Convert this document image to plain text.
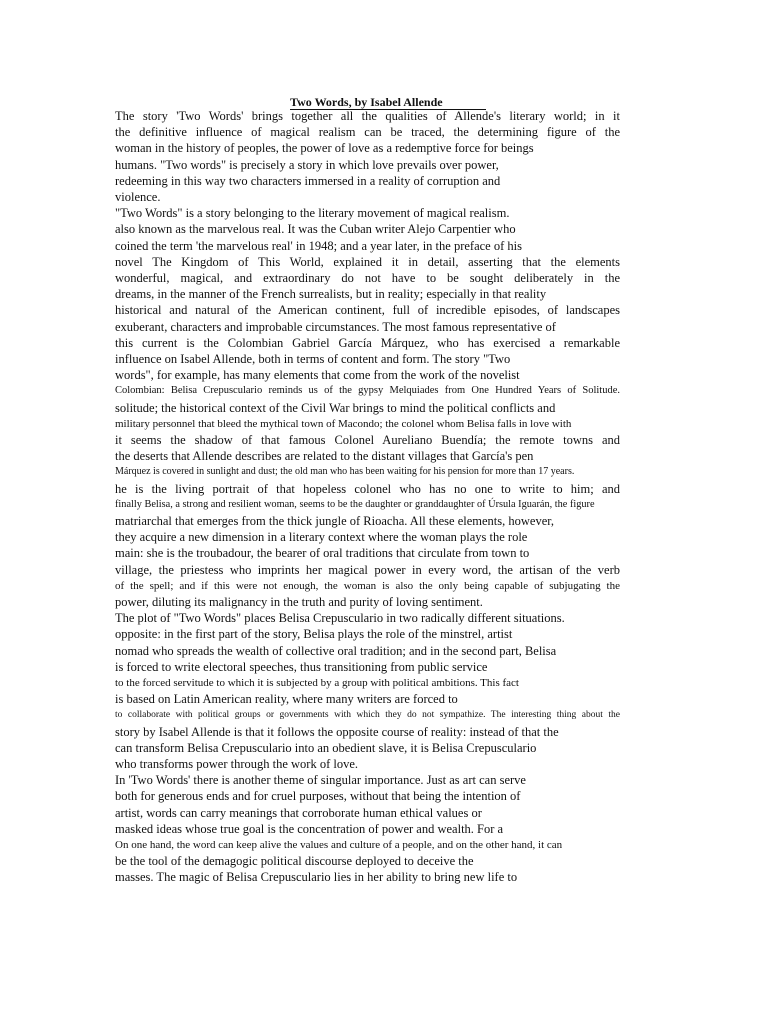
Two Words, by Isabel Allende
The story 'Two Words' brings together all the qualities of Allende's literary world; in it
the definitive influence of magical realism can be traced, the determining figure of the
woman in the history of peoples, the power of love as a redemptive force for beings
humans. "Two words" is precisely a story in which love prevails over power,
redeeming in this way two characters immersed in a reality of corruption and
violence.
"Two Words" is a story belonging to the literary movement of magical realism.
also known as the marvelous real. It was the Cuban writer Alejo Carpentier who
coined the term 'the marvelous real' in 1948; and a year later, in the preface of his
novel The Kingdom of This World, explained it in detail, asserting that the elements
wonderful, magical, and extraordinary do not have to be sought deliberately in the
dreams, in the manner of the French surrealists, but in reality; especially in that reality
historical and natural of the American continent, full of incredible episodes, of landscapes
exuberant, characters and improbable circumstances. The most famous representative of
this current is the Colombian Gabriel García Márquez, who has exercised a remarkable
influence on Isabel Allende, both in terms of content and form. The story "Two
words", for example, has many elements that come from the work of the novelist
Colombian: Belisa Crepusculario reminds us of the gypsy Melquiades from One Hundred Years of Solitude.
solitude; the historical context of the Civil War brings to mind the political conflicts and
military personnel that bleed the mythical town of Macondo; the colonel whom Belisa falls in love with
it seems the shadow of that famous Colonel Aureliano Buendía; the remote towns and
the deserts that Allende describes are related to the distant villages that García's pen
Márquez is covered in sunlight and dust; the old man who has been waiting for his pension for more than 17 years.
he is the living portrait of that hopeless colonel who has no one to write to him; and
finally Belisa, a strong and resilient woman, seems to be the daughter or granddaughter of Úrsula Iguarán, the figure
matriarchal that emerges from the thick jungle of Rioacha. All these elements, however,
they acquire a new dimension in a literary context where the woman plays the role
main: she is the troubadour, the bearer of oral traditions that circulate from town to
village, the priestess who imprints her magical power in every word, the artisan of the verb
of the spell; and if this were not enough, the woman is also the only being capable of subjugating the
power, diluting its malignancy in the truth and purity of loving sentiment.
The plot of "Two Words" places Belisa Crepusculario in two radically different situations.
opposite: in the first part of the story, Belisa plays the role of the minstrel, artist
nomad who spreads the wealth of collective oral tradition; and in the second part, Belisa
is forced to write electoral speeches, thus transitioning from public service
to the forced servitude to which it is subjected by a group with political ambitions. This fact
is based on Latin American reality, where many writers are forced to
to collaborate with political groups or governments with which they do not sympathize. The interesting thing about the
story by Isabel Allende is that it follows the opposite course of reality: instead of that the
can transform Belisa Crepusculario into an obedient slave, it is Belisa Crepusculario
who transforms power through the work of love.
In 'Two Words' there is another theme of singular importance. Just as art can serve
both for generous ends and for cruel purposes, without that being the intention of
artist, words can carry meanings that corroborate human ethical values or
masked ideas whose true goal is the concentration of power and wealth. For a
On one hand, the word can keep alive the values and culture of a people, and on the other hand, it can
be the tool of the demagogic political discourse deployed to deceive the
masses. The magic of Belisa Crepusculario lies in her ability to bring new life to
